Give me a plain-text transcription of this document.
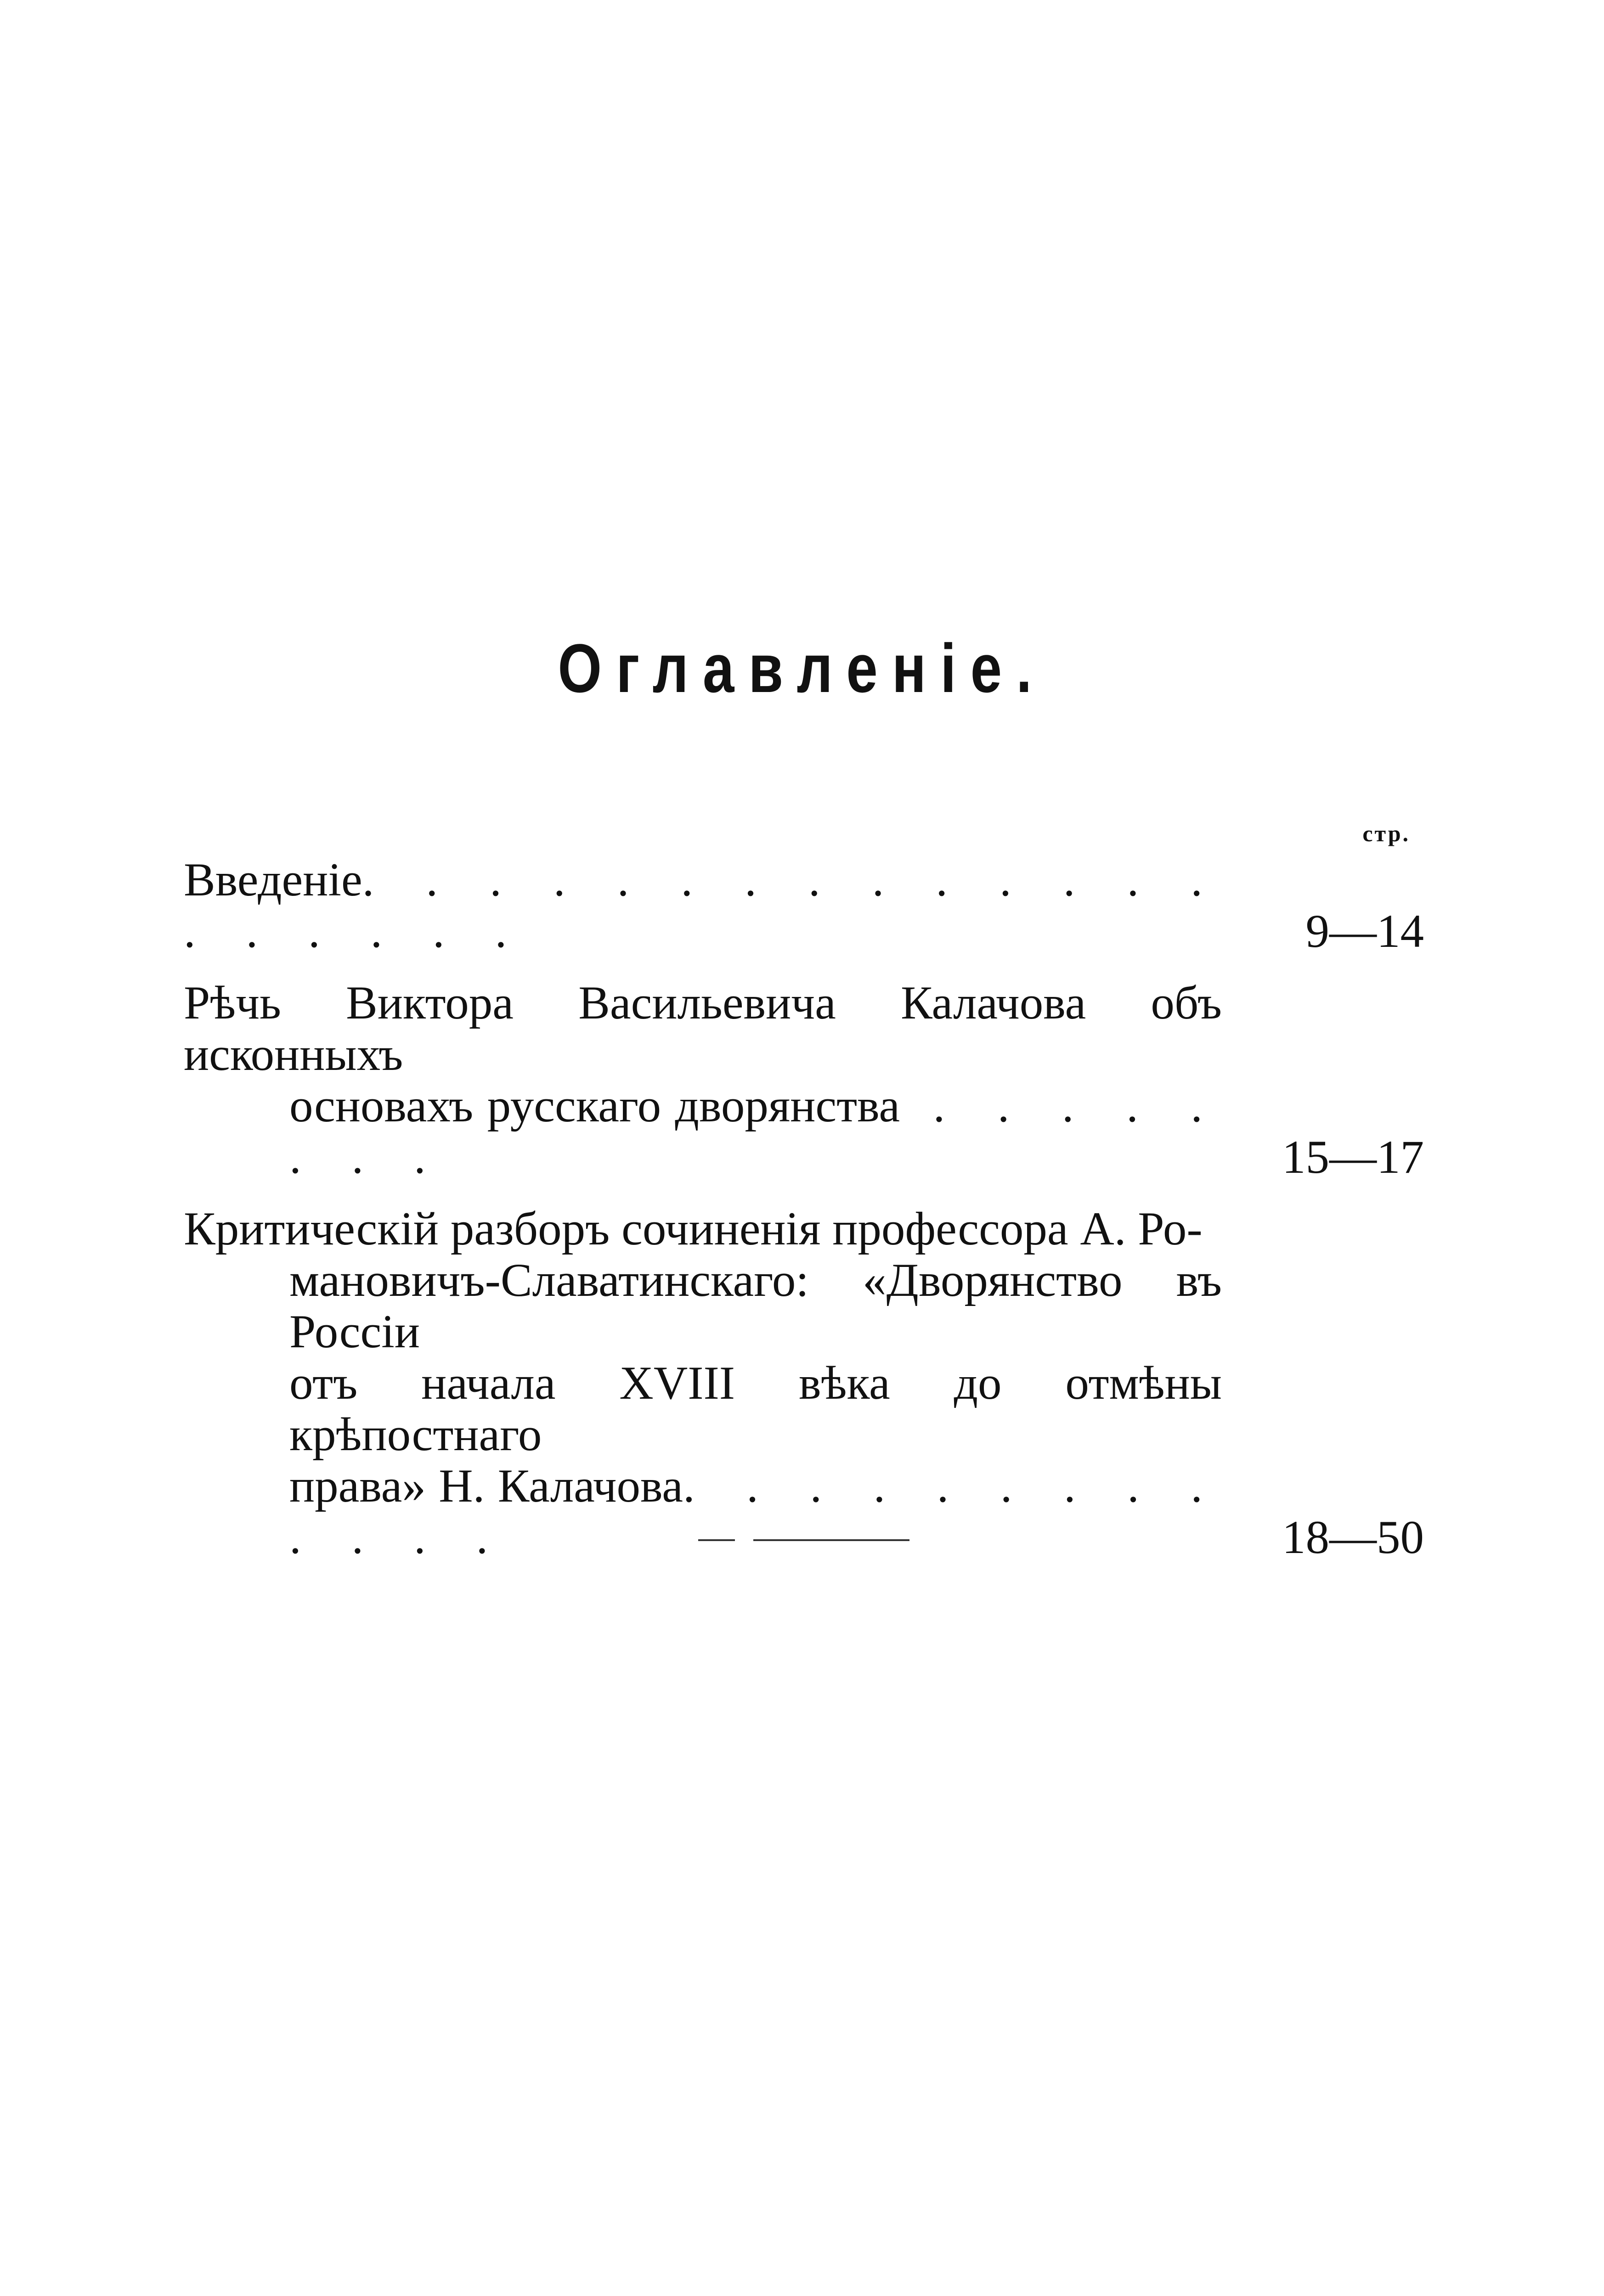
Оглавленіе.
стр.
Введеніе. . . . . . . . . . . . . . . . . . . .	9—14
Рѣчь Виктора Васильевича Калачова объ исконныхъ
основахъ русскаго дворянства . . . . . . . .	15—17
Критическій разборъ сочиненія профессора А. Ро-
мановичъ-Славатинскаго: «Дворянство въ Россіи
отъ начала XVIII вѣка до отмѣны крѣпостнаго
права» Н. Калачова. . . . . . . . . . . . .	18—50
